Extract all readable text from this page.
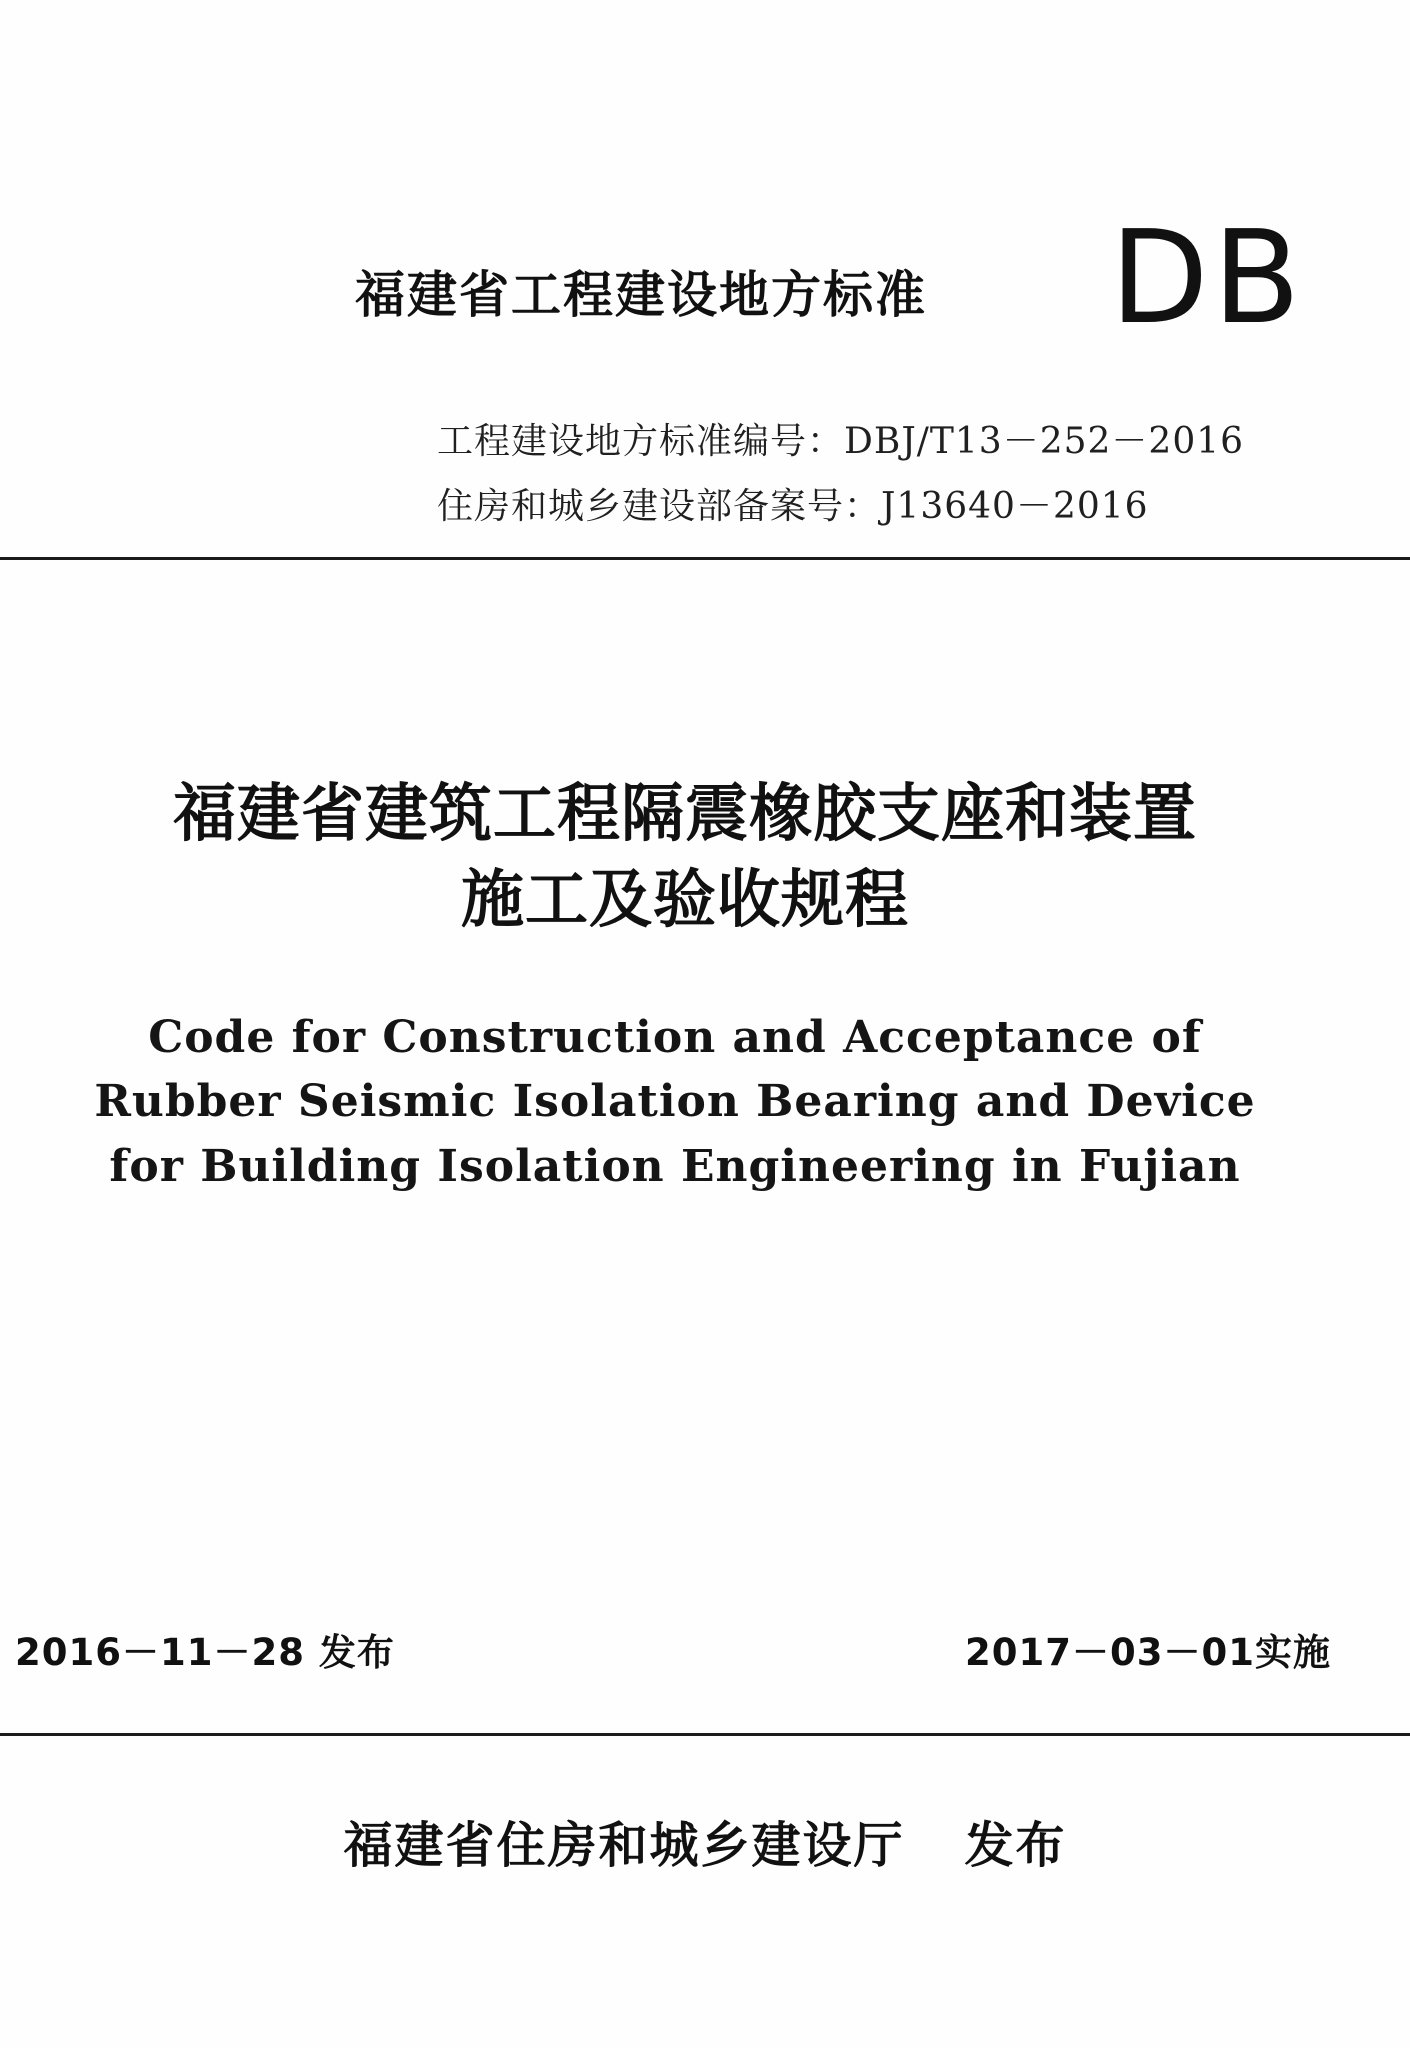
福建省工程建设地方标准 DB
工程建设地方标准编号：DBJ/T13－252－2016
住房和城乡建设部备案号：J13640－2016
福建省建筑工程隔震橡胶支座和装置
施工及验收规程
Code for Construction and Acceptance of
Rubber Seismic Isolation Bearing and Device
for Building Isolation Engineering in Fujian
2016－11－28 发布	2017－03－01实施
福建省住房和城乡建设厅 发布
